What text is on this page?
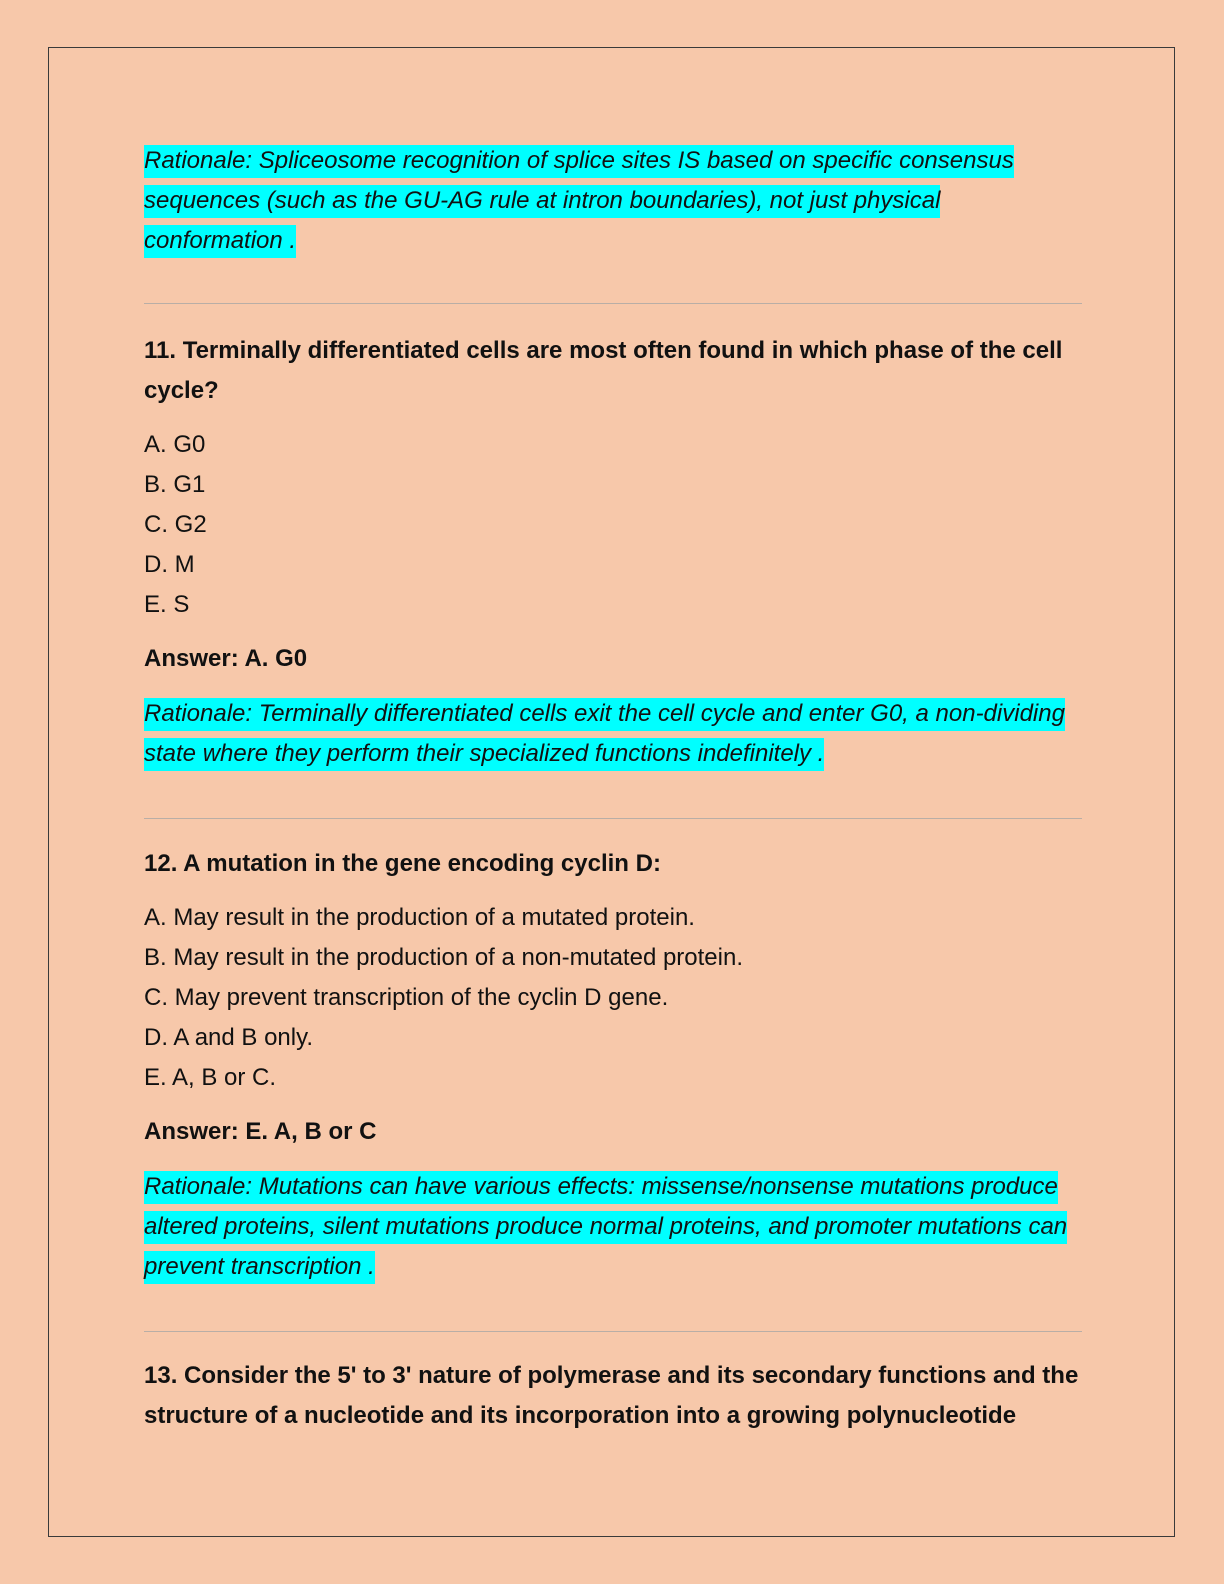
Rationale: Spliceosome recognition of splice sites IS based on specific consensus sequences (such as the GU-AG rule at intron boundaries), not just physical conformation .

11. Terminally differentiated cells are most often found in which phase of the cell cycle?

A. G0
B. G1
C. G2
D. M
E. S

Answer: A. G0

Rationale: Terminally differentiated cells exit the cell cycle and enter G0, a non-dividing state where they perform their specialized functions indefinitely .

12. A mutation in the gene encoding cyclin D:

A. May result in the production of a mutated protein.
B. May result in the production of a non-mutated protein.
C. May prevent transcription of the cyclin D gene.
D. A and B only.
E. A, B or C.

Answer: E. A, B or C

Rationale: Mutations can have various effects: missense/nonsense mutations produce altered proteins, silent mutations produce normal proteins, and promoter mutations can prevent transcription .

13. Consider the 5' to 3' nature of polymerase and its secondary functions and the structure of a nucleotide and its incorporation into a growing polynucleotide
